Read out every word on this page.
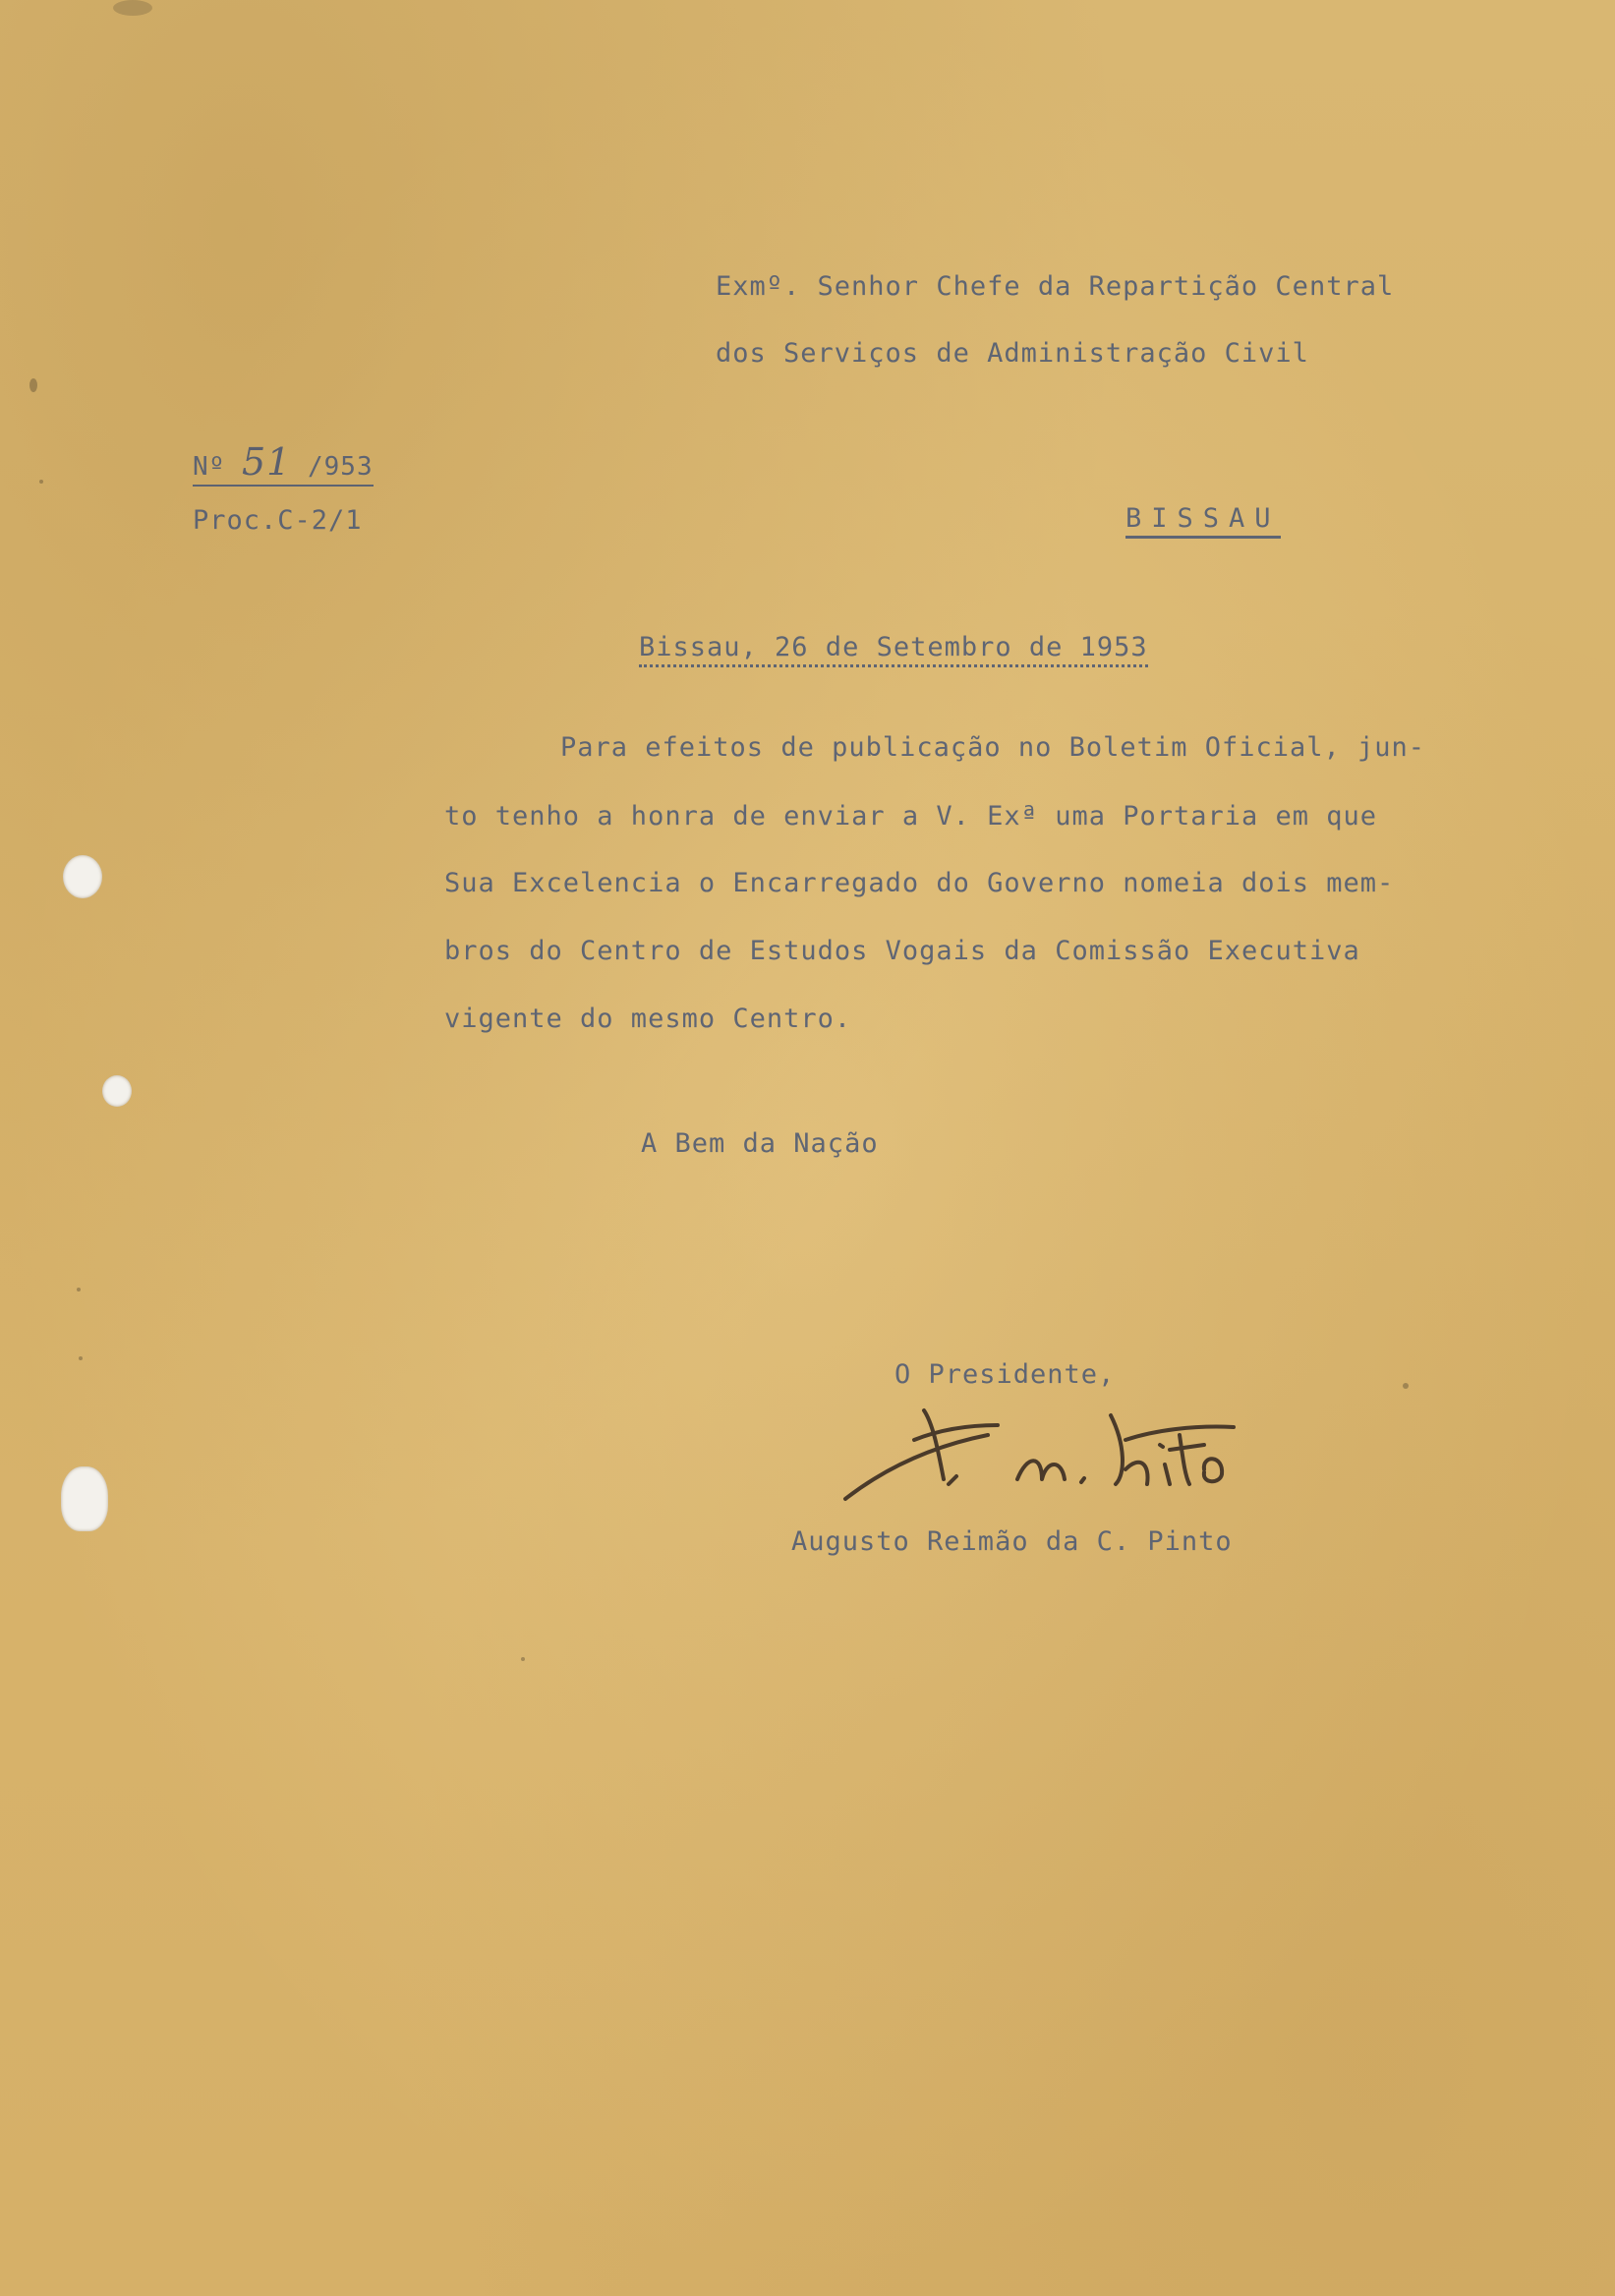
Exmº. Senhor Chefe da Repartição Central
dos Serviços de Administração Civil
BISSAU
Nº 51 /953
Proc.C-2/1
Bissau, 26 de Setembro de 1953
Para efeitos de publicação no Boletim Oficial, jun-
to tenho a honra de enviar a V. Exª uma Portaria em que
Sua Excelencia o Encarregado do Governo nomeia dois mem-
bros do Centro de Estudos Vogais da Comissão Executiva
vigente do mesmo Centro.
A Bem da Nação
O Presidente,
Augusto Reimão da C. Pinto
